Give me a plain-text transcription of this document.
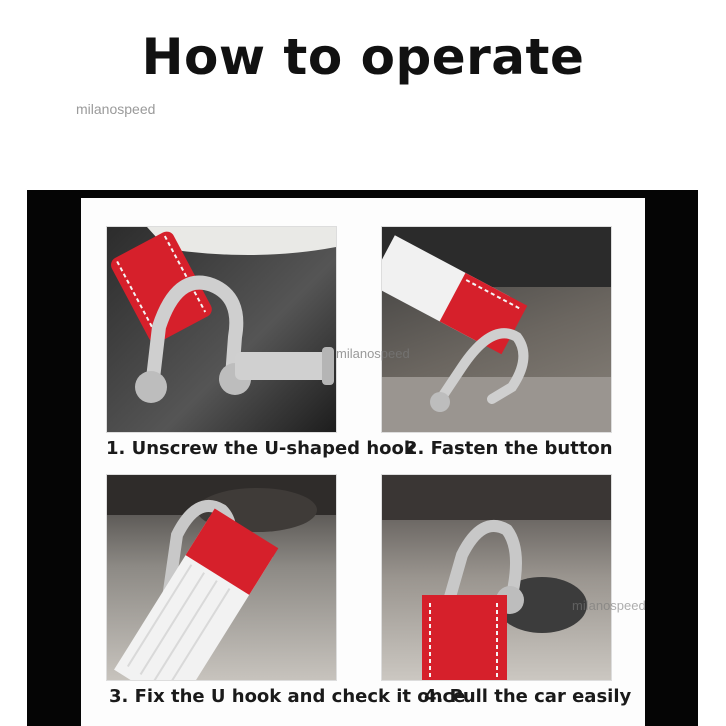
How to operate
milanospeed
milanospeed
milanospeed
1. Unscrew the U-shaped hook
2. Fasten the button
3. Fix the U hook and check it once
4. Pull the car easily
